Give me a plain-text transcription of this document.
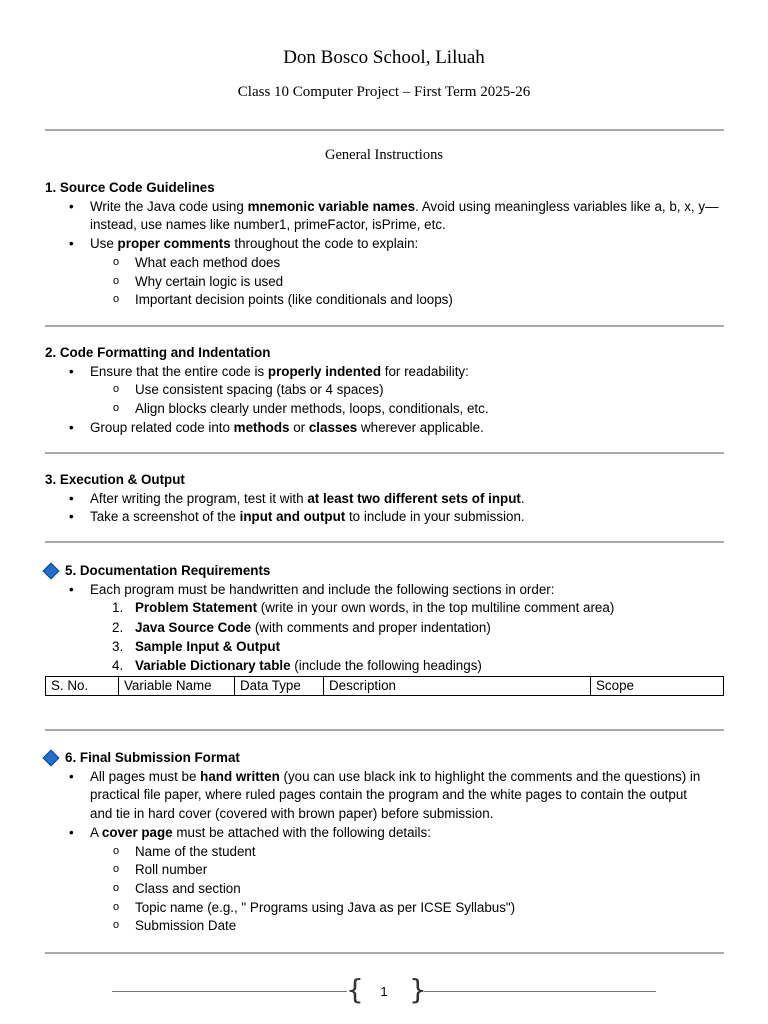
Don Bosco School, Liluah
Class 10 Computer Project – First Term 2025-26
General Instructions
1. Source Code Guidelines
• Write the Java code using mnemonic variable names. Avoid using meaningless variables like a, b, x, y—
instead, use names like number1, primeFactor, isPrime, etc.
• Use proper comments throughout the code to explain:
o What each method does
o Why certain logic is used
o Important decision points (like conditionals and loops)
2. Code Formatting and Indentation
• Ensure that the entire code is properly indented for readability:
o Use consistent spacing (tabs or 4 spaces)
o Align blocks clearly under methods, loops, conditionals, etc.
• Group related code into methods or classes wherever applicable.
3. Execution & Output
• After writing the program, test it with at least two different sets of input.
• Take a screenshot of the input and output to include in your submission.
5. Documentation Requirements
• Each program must be handwritten and include the following sections in order:
1. Problem Statement (write in your own words, in the top multiline comment area)
2. Java Source Code (with comments and proper indentation)
3. Sample Input & Output
4. Variable Dictionary table (include the following headings)
S. No.	Variable Name	Data Type	Description	Scope
6. Final Submission Format
• All pages must be hand written (you can use black ink to highlight the comments and the questions) in
practical file paper, where ruled pages contain the program and the white pages to contain the output
and tie in hard cover (covered with brown paper) before submission.
• A cover page must be attached with the following details:
o Name of the student
o Roll number
o Class and section
o Topic name (e.g., " Programs using Java as per ICSE Syllabus")
o Submission Date
{	1 }
